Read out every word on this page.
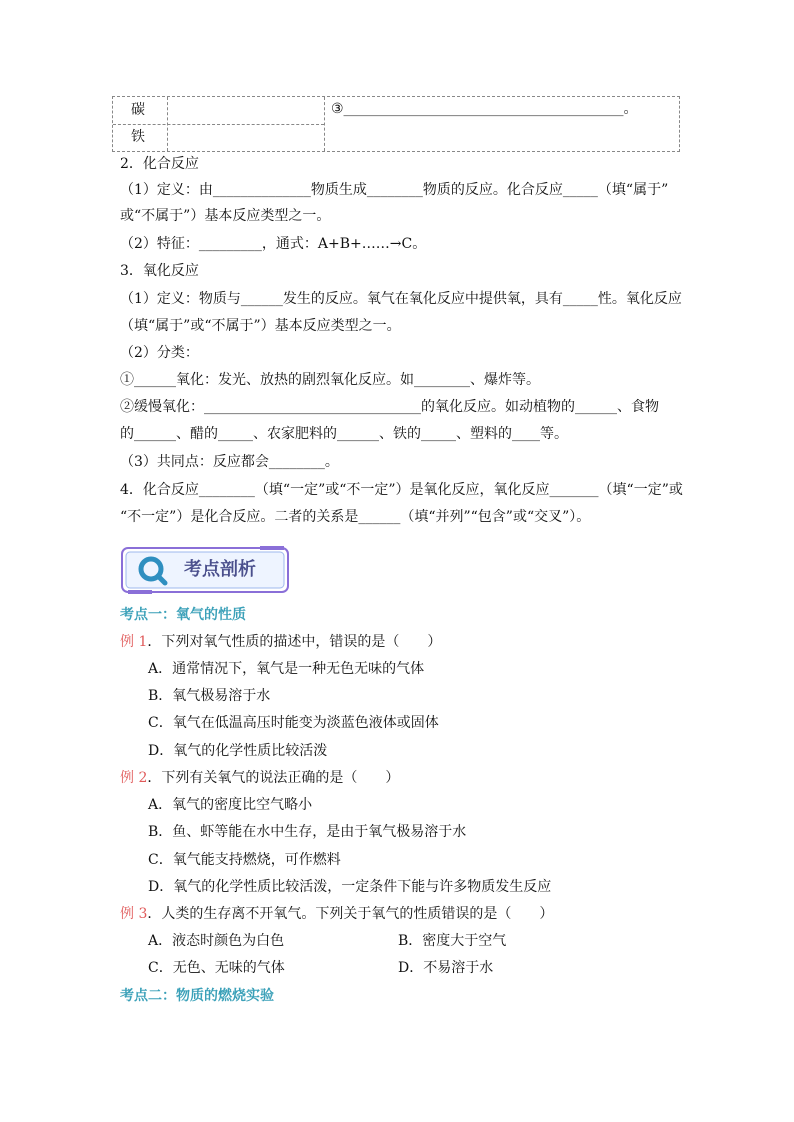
碳
铁
③________________________________________。
2．化合反应
（1）定义：由______________物质生成________物质的反应。化合反应_____（填“属于”
或“不属于”）基本反应类型之一。
（2）特征：_________，通式：A+B+……→C。
3．氧化反应
（1）定义：物质与______发生的反应。氧气在氧化反应中提供氧，具有_____性。氧化反应
（填“属于”或“不属于”）基本反应类型之一。
（2）分类：
①______氧化：发光、放热的剧烈氧化反应。如________、爆炸等。
②缓慢氧化：_______________________________的氧化反应。如动植物的______、食物
的______、醋的_____、农家肥料的______、铁的_____、塑料的____等。
（3）共同点：反应都会________。
4．化合反应________（填“一定”或“不一定”）是氧化反应，氧化反应_______（填“一定”或
“不一定”）是化合反应。二者的关系是______（填“并列”“包含”或“交叉”）。
考点剖析
考点一：氧气的性质
例 1．下列对氧气性质的描述中，错误的是（　　）
A．通常情况下，氧气是一种无色无味的气体
B．氧气极易溶于水
C．氧气在低温高压时能变为淡蓝色液体或固体
D．氧气的化学性质比较活泼
例 2．下列有关氧气的说法正确的是（　　）
A．氧气的密度比空气略小
B．鱼、虾等能在水中生存，是由于氧气极易溶于水
C．氧气能支持燃烧，可作燃料
D．氧气的化学性质比较活泼，一定条件下能与许多物质发生反应
例 3．人类的生存离不开氧气。下列关于氧气的性质错误的是（　　）
A．液态时颜色为白色	B．密度大于空气
C．无色、无味的气体	D．不易溶于水
考点二：物质的燃烧实验
